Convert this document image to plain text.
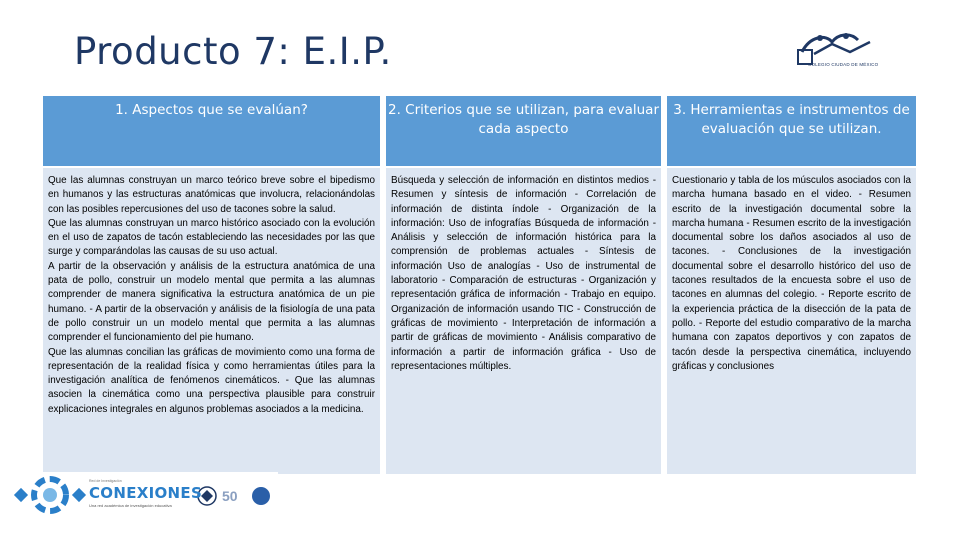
Producto 7: E.I.P.	COLEGIO CIUDAD DE MÉXICO
1. Aspectos que se evalúan?	2. Criterios que se utilizan, para evaluar cada aspecto
3. Herramientas e instrumentos de evaluación que se utilizan.

Que las alumnas construyan un marco teórico breve sobre el bipedismo en humanos y las estructuras anatómicas que involucra, relacionándolas con las posibles repercusiones del uso de tacones sobre la salud.

Que las alumnas construyan un marco histórico asociado con la evolución en el uso de zapatos de tacón estableciendo las necesidades por las que surge y comparándolas las causas de su uso actual.

A partir de la observación y análisis de la estructura anatómica de una pata de pollo, construir un modelo mental que permita a las alumnas comprender de manera significativa la estructura anatómica de un pie humano. - A partir de la observación y análisis de la fisiología de una pata de pollo construir un un modelo mental que permita a las alumnas comprender el funcionamiento del pie humano.

Que las alumnas concilian las gráficas de movimiento como una forma de representación de la realidad física y como herramientas útiles para la investigación analítica de fenómenos cinemáticos. - Que las alumnas asocien la cinemática como una perspectiva plausible para construir explicaciones integrales en algunos problemas asociados a la medicina.

Búsqueda y selección de información en distintos medios - Resumen y síntesis de información - Correlación de información de distinta índole - Organización de la información: Uso de infografías Búsqueda de información - Análisis y selección de información histórica para la comprensión de problemas actuales - Síntesis de información Uso de analogías - Uso de instrumental de laboratorio - Comparación de estructuras - Organización y representación gráfica de información - Trabajo en equipo. Organización de información usando TIC - Construcción de gráficas de movimiento - Interpretación de información a partir de gráficas de movimiento - Análisis comparativo de información a partir de información gráfica - Uso de representaciones múltiples.

Cuestionario y tabla de los músculos asociados con la marcha humana basado en el video. - Resumen escrito de la investigación documental sobre la marcha humana - Resumen escrito de la investigación documental sobre los daños asociados al uso de tacones. - Conclusiones de la investigación documental sobre el desarrollo histórico del uso de tacones resultados de la encuesta sobre el uso de tacones en alumnas del colegio. - Reporte escrito de la experiencia práctica de la disección de la pata de pollo. - Reporte del estudio comparativo de la marcha humana con zapatos deportivos y con zapatos de tacón desde la perspectiva cinemática, incluyendo gráficas y conclusiones

50
Red de Investigación
CONEXIONES
Una red académica de investigación educativa
